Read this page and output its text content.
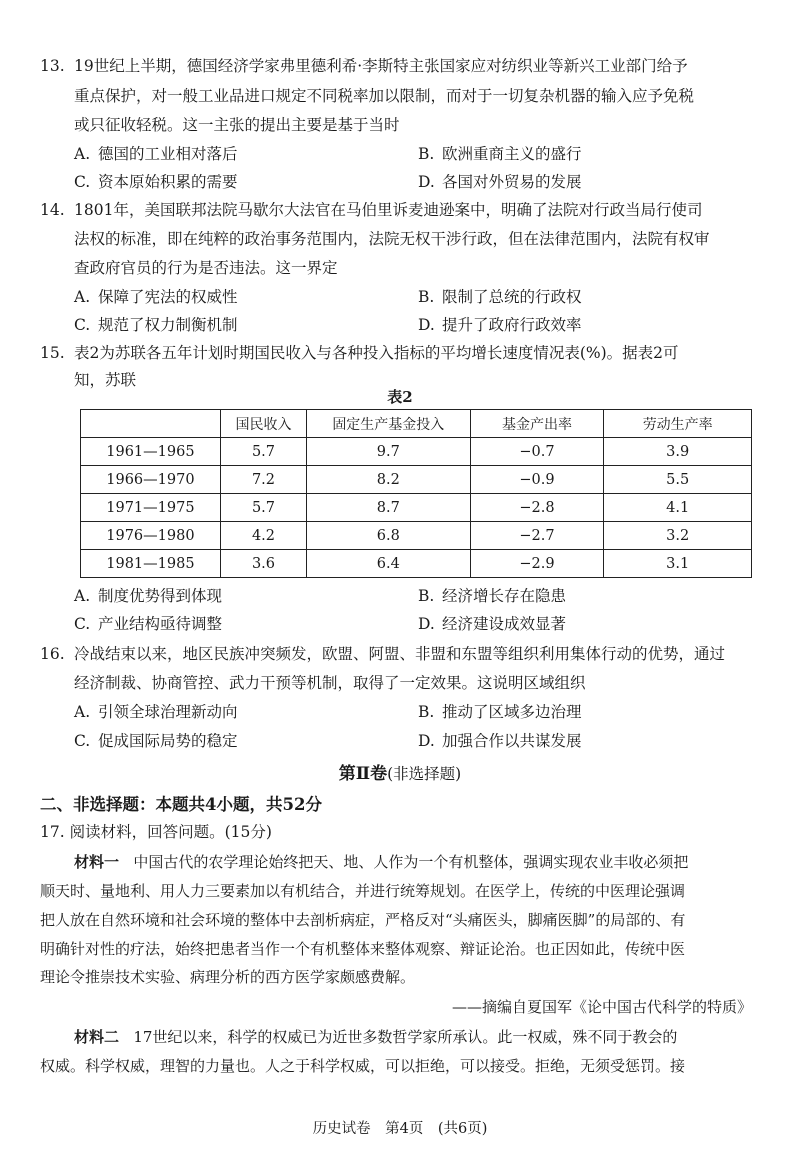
13. 19世纪上半期，德国经济学家弗里德利希·李斯特主张国家应对纺织业等新兴工业部门给予
重点保护，对一般工业品进口规定不同税率加以限制，而对于一切复杂机器的输入应予免税
或只征收轻税。这一主张的提出主要是基于当时
A. 德国的工业相对落后	B. 欧洲重商主义的盛行
C. 资本原始积累的需要	D. 各国对外贸易的发展
14. 1801年，美国联邦法院马歇尔大法官在马伯里诉麦迪逊案中，明确了法院对行政当局行使司
法权的标准，即在纯粹的政治事务范围内，法院无权干涉行政，但在法律范围内，法院有权审
查政府官员的行为是否违法。这一界定
A. 保障了宪法的权威性	B. 限制了总统的行政权
C. 规范了权力制衡机制	D. 提升了政府行政效率
15. 表2为苏联各五年计划时期国民收入与各种投入指标的平均增长速度情况表(%)。据表2可
知，苏联
表2
	国民收入	固定生产基金投入	基金产出率	劳动生产率
1961—1965	5.7	9.7	−0.7	3.9
1966—1970	7.2	8.2	−0.9	5.5
1971—1975	5.7	8.7	−2.8	4.1
1976—1980	4.2	6.8	−2.7	3.2
1981—1985	3.6	6.4	−2.9	3.1
A. 制度优势得到体现	B. 经济增长存在隐患
C. 产业结构亟待调整	D. 经济建设成效显著
16. 冷战结束以来，地区民族冲突频发，欧盟、阿盟、非盟和东盟等组织利用集体行动的优势，通过
经济制裁、协商管控、武力干预等机制，取得了一定效果。这说明区域组织
A. 引领全球治理新动向	B. 推动了区域多边治理
C. 促成国际局势的稳定	D. 加强合作以共谋发展
第Ⅱ卷(非选择题)
二、非选择题：本题共4小题，共52分
17. 阅读材料，回答问题。(15分)
材料一 中国古代的农学理论始终把天、地、人作为一个有机整体，强调实现农业丰收必须把
顺天时、量地利、用人力三要素加以有机结合，并进行统筹规划。在医学上，传统的中医理论强调
把人放在自然环境和社会环境的整体中去剖析病症，严格反对“头痛医头，脚痛医脚”的局部的、有
明确针对性的疗法，始终把患者当作一个有机整体来整体观察、辩证论治。也正因如此，传统中医
理论令推崇技术实验、病理分析的西方医学家颇感费解。
——摘编自夏国军《论中国古代科学的特质》
材料二 17世纪以来，科学的权威已为近世多数哲学家所承认。此一权威，殊不同于教会的
权威。科学权威，理智的力量也。人之于科学权威，可以拒绝，可以接受。拒绝，无须受惩罚。接
历史试卷　第4页　(共6页)
